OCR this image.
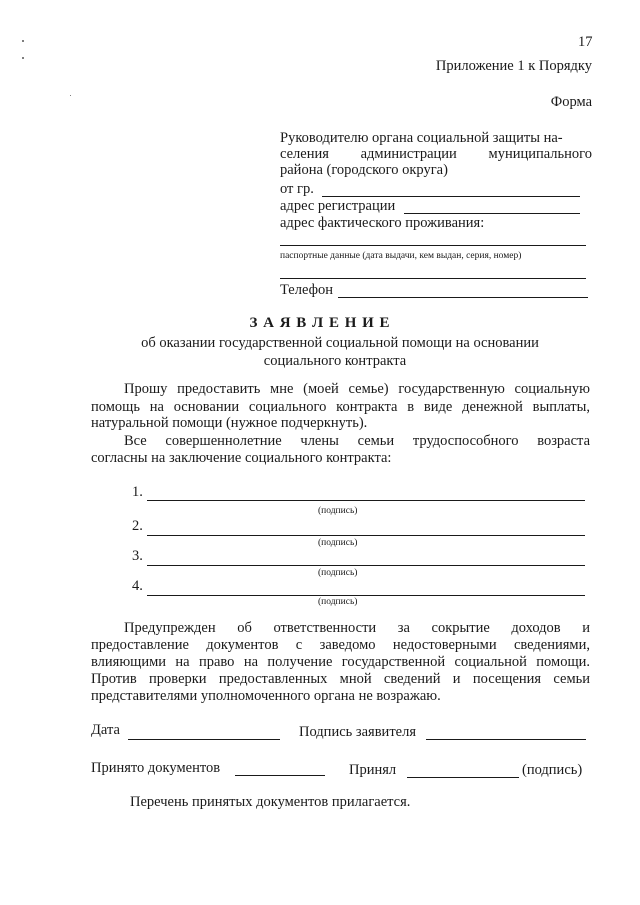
17
Приложение 1 к Порядку
Форма
Руководителю органа социальной защиты на-
селения администрации муниципального
района (городского округа)
от гр.
адрес регистрации
адрес фактического проживания:
паспортные данные (дата выдачи, кем выдан, серия, номер)
Телефон
З А Я В Л Е Н И Е
об оказании государственной социальной помощи на основании
социального контракта
Прошу предоставить мне (моей семье) государственную социальную
помощь на основании социального контракта в виде денежной выплаты,
натуральной помощи (нужное подчеркнуть).
Все совершеннолетние члены семьи трудоспособного возраста
согласны на заключение социального контракта:
1.
(подпись)
2.
(подпись)
3.
(подпись)
4.
(подпись)
Предупрежден об ответственности за сокрытие доходов и
предоставление документов с заведомо недостоверными сведениями,
влияющими на право на получение государственной социальной помощи.
Против проверки предоставленных мной сведений и посещения семьи
представителями уполномоченного органа не возражаю.
Дата	Подпись заявителя
Принято документов	Принял	(подпись)
Перечень принятых документов прилагается.
